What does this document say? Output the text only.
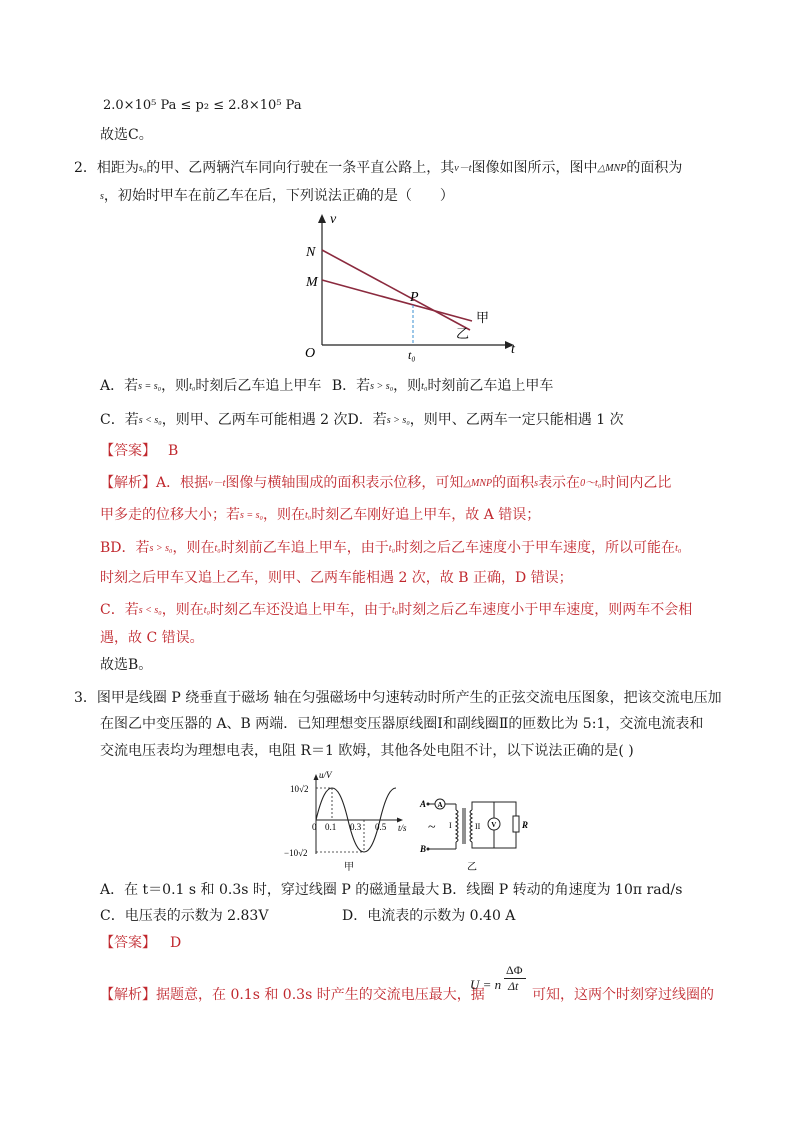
2.0×10⁵ Pa ≤ p₂ ≤ 2.8×10⁵ Pa
故选C。
2．相距为s₀的甲、乙两辆汽车同向行驶在一条平直公路上，其v－t图像如图所示，图中△MNP的面积为
s，初始时甲车在前乙车在后，下列说法正确的是（　　）
v
t
O
N
M
P
t₀
甲
乙
A．若s = s₀，则t₀时刻后乙车追上甲车 B．若s > s₀，则t₀时刻前乙车追上甲车
C．若s < s₀，则甲、乙两车可能相遇 2 次D．若s > s₀，则甲、乙两车一定只能相遇 1 次
【答案】 B
【解析】A．根据v－t图像与横轴围成的面积表示位移，可知△MNP的面积s表示在0～t₀时间内乙比
甲多走的位移大小；若s = s₀，则在t₀时刻乙车刚好追上甲车，故 A 错误；
BD．若s > s₀，则在t₀时刻前乙车追上甲车，由于t₀时刻之后乙车速度小于甲车速度，所以可能在t₀
时刻之后甲车又追上乙车，则甲、乙两车能相遇 2 次，故 B 正确，D 错误；
C．若s < s₀，则在t₀时刻乙车还没追上甲车，由于t₀时刻之后乙车速度小于甲车速度，则两车不会相
遇，故 C 错误。
故选B。
3．图甲是线圈 P 绕垂直于磁场 轴在匀强磁场中匀速转动时所产生的正弦交流电压图象，把该交流电压加
在图乙中变压器的 A、B 两端．已知理想变压器原线圈Ⅰ和副线圈Ⅱ的匝数比为 5:1，交流电流表和
交流电压表均为理想电表，电阻 R＝1 欧姆，其他各处电阻不计，以下说法正确的是( )
u/V
t/s
10√2
−10√2
0 0.1 0.3 0.5
甲
A
B
A
I	II
~	V	R
乙
A．在 t＝0.1 s 和 0.3s 时，穿过线圈 P 的磁通量最大 B．线圈 P 转动的角速度为 10π rad/s
C．电压表的示数为 2.83V	D．电流表的示数为 0.40 A
【答案】 D
【解析】据题意，在 0.1s 和 0.3s 时产生的交流电压最大，据
U = n
ΔΦ
Δt
可知，这两个时刻穿过线圈的
